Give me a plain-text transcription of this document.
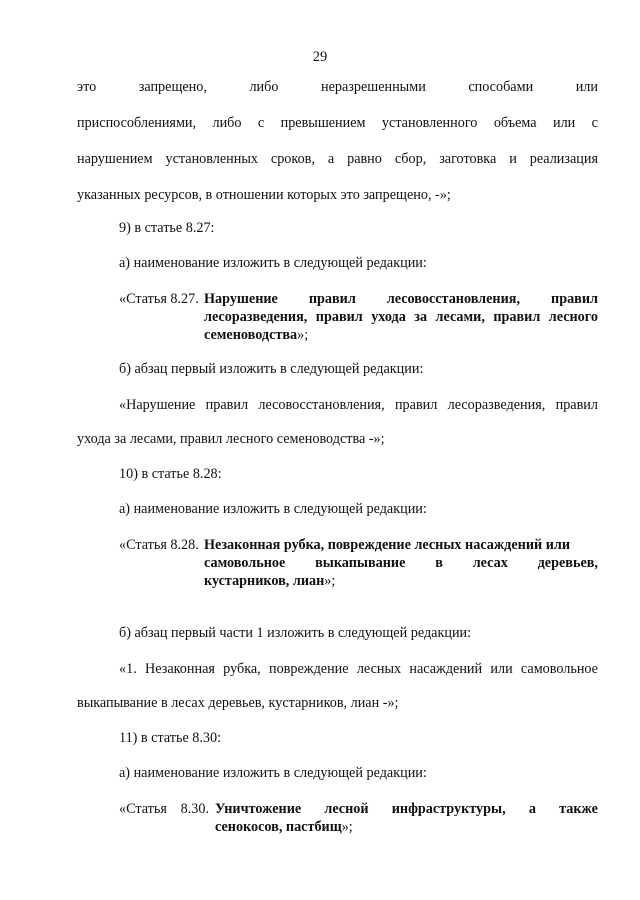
29
это	запрещено,	либо	неразрешенными	способами	или
приспособлениями, либо с превышением установленного объема или с
нарушением установленных сроков, а равно сбор, заготовка и реализация
указанных ресурсов, в отношении которых это запрещено, -»;
9) в статье 8.27:
а) наименование изложить в следующей редакции:
«Статья 8.27. Нарушение правил лесовосстановления, правил
лесоразведения, правил ухода за лесами, правил лесного
семеноводства»;
б) абзац первый изложить в следующей редакции:
«Нарушение правил лесовосстановления, правил лесоразведения, правил
ухода за лесами, правил лесного семеноводства -»;
10) в статье 8.28:
а) наименование изложить в следующей редакции:
«Статья 8.28. Незаконная рубка, повреждение лесных насаждений или
самовольное выкапывание в лесах деревьев,
кустарников, лиан»;
б) абзац первый части 1 изложить в следующей редакции:
«1. Незаконная рубка, повреждение лесных насаждений или самовольное
выкапывание в лесах деревьев, кустарников, лиан -»;
11) в статье 8.30:
а) наименование изложить в следующей редакции:
«Статья 8.30. Уничтожение лесной инфраструктуры, а также
сенокосов, пастбищ»;
